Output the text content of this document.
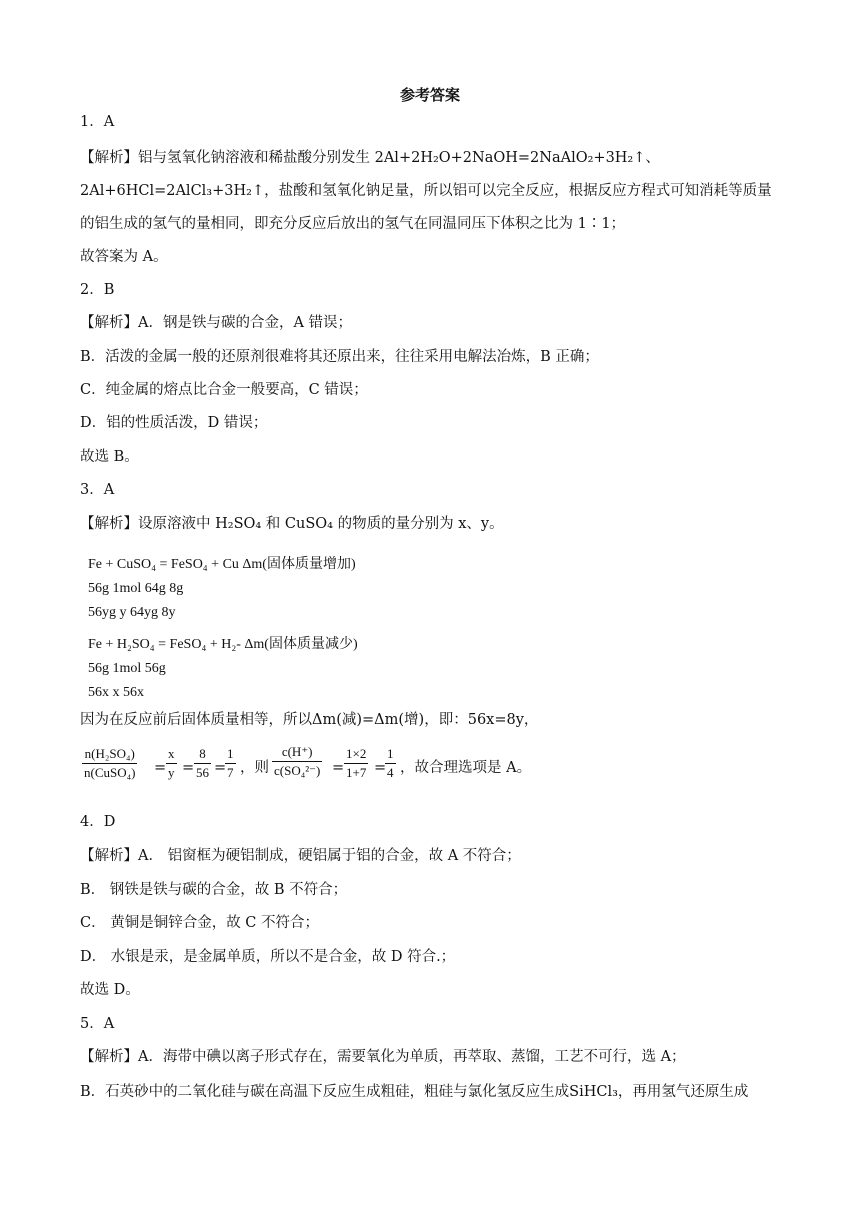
参考答案
1．A
【解析】铝与氢氧化钠溶液和稀盐酸分别发生 2Al+2H₂O+2NaOH=2NaAlO₂+3H₂↑、
2Al+6HCl=2AlCl₃+3H₂↑，盐酸和氢氧化钠足量，所以铝可以完全反应，根据反应方程式可知消耗等质量
的铝生成的氢气的量相同，即充分反应后放出的氢气在同温同压下体积之比为 1∶1；
故答案为 A。
2．B
【解析】A．钢是铁与碳的合金，A 错误；
B．活泼的金属一般的还原剂很难将其还原出来，往往采用电解法冶炼，B 正确；
C．纯金属的熔点比合金一般要高，C 错误；
D．铝的性质活泼，D 错误；
故选 B。
3．A
【解析】设原溶液中 H₂SO₄ 和 CuSO₄ 的物质的量分别为 x、y。
Fe + CuSO₄ = FeSO₄ + Cu Δm(固体质量增加)
56g 1mol 64g 8g
56yg y 64yg 8y
Fe + H₂SO₄ = FeSO₄ + H₂- Δm(固体质量减少)
56g 1mol 56g
56x x 56x
因为在反应前后固体质量相等，所以Δm(减)=Δm(增)，即：56x=8y，
n(H₂SO₄)
n(CuSO₄) = $\frac{x}{y} = \frac{8}{56}$ =
$\frac{1}{7}$ ，则 $\frac{c(H^+)}{\text{c(SO₄²⁻)}} = \frac{1\times 2}{1+7}$ =
$\frac{1}{4}$ ，故合理选项是 A。
4．D
【解析】A． 铝窗框为硬铝制成，硬铝属于铝的合金，故 A 不符合；
B． 钢铁是铁与碳的合金，故 B 不符合；
C． 黄铜是铜锌合金，故 C 不符合；
D． 水银是汞，是金属单质，所以不是合金，故 D 符合.；
故选 D。
5．A
【解析】A．海带中碘以离子形式存在，需要氧化为单质，再萃取、蒸馏，工艺不可行，选 A；
B．石英砂中的二氧化硅与碳在高温下反应生成粗硅，粗硅与氯化氢反应生成SiHCl₃，再用氢气还原生成
